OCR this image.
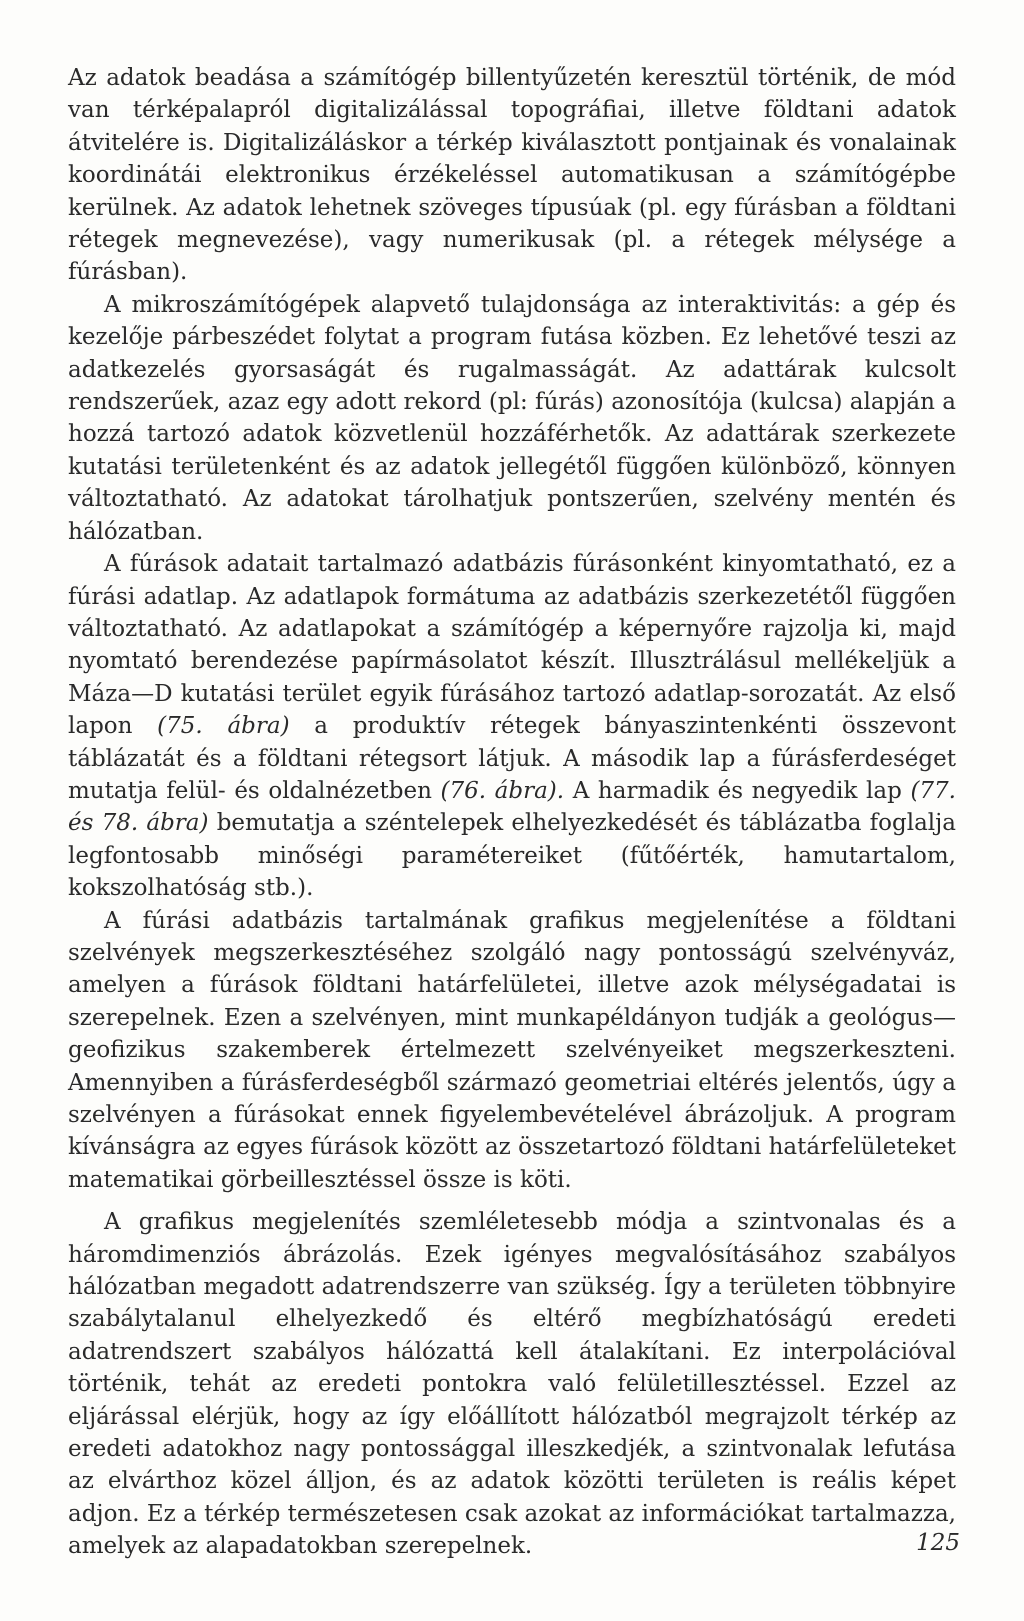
Az adatok beadása a számítógép billentyűzetén keresztül történik, de mód van térképalapról digitalizálással topográfiai, illetve földtani adatok átvitelére is. Digitalizáláskor a térkép kiválasztott pontjainak és vonalainak koordinátái elektronikus érzékeléssel automatikusan a számítógépbe kerülnek. Az adatok lehetnek szöveges típusúak (pl. egy fúrásban a földtani rétegek megnevezése), vagy numerikusak (pl. a rétegek mélysége a fúrásban).

A mikroszámítógépek alapvető tulajdonsága az interaktivitás: a gép és kezelője párbeszédet folytat a program futása közben. Ez lehetővé teszi az adatkezelés gyorsaságát és rugalmasságát. Az adattárak kulcsolt rendszerűek, azaz egy adott rekord (pl: fúrás) azonosítója (kulcsa) alapján a hozzá tartozó adatok közvetlenül hozzáférhetők. Az adattárak szerkezete kutatási területenként és az adatok jellegétől függően különböző, könnyen változtatható. Az adatokat tárolhatjuk pontszerűen, szelvény mentén és hálózatban.

A fúrások adatait tartalmazó adatbázis fúrásonként kinyomtatható, ez a fúrási adatlap. Az adatlapok formátuma az adatbázis szerkezetétől függően változtatható. Az adatlapokat a számítógép a képernyőre rajzolja ki, majd nyomtató berendezése papírmásolatot készít. Illusztrálásul mellékeljük a Máza—D kutatási terület egyik fúrásához tartozó adatlap-sorozatát. Az első lapon (75. ábra) a produktív rétegek bányaszintenkénti összevont táblázatát és a földtani rétegsort látjuk. A második lap a fúrásferdeséget mutatja felül- és oldalnézetben (76. ábra). A harmadik és negyedik lap (77. és 78. ábra) bemutatja a széntelepek elhelyezkedését és táblázatba foglalja legfontosabb minőségi paramétereiket (fűtőérték, hamutartalom, kokszolhatóság stb.).

A fúrási adatbázis tartalmának grafikus megjelenítése a földtani szelvények megszerkesztéséhez szolgáló nagy pontosságú szelvényváz, amelyen a fúrások földtani határfelületei, illetve azok mélységadatai is szerepelnek. Ezen a szelvényen, mint munkapéldányon tudják a geológus—geofizikus szakemberek értelmezett szelvényeiket megszerkeszteni. Amennyiben a fúrásferdeségből származó geometriai eltérés jelentős, úgy a szelvényen a fúrásokat ennek figyelembevételével ábrázoljuk. A program kívánságra az egyes fúrások között az összetartozó földtani határfelületeket matematikai görbeillesztéssel össze is köti.

A grafikus megjelenítés szemléletesebb módja a szintvonalas és a háromdimenziós ábrázolás. Ezek igényes megvalósításához szabályos hálózatban megadott adatrendszerre van szükség. Így a területen többnyire szabálytalanul elhelyezkedő és eltérő megbízhatóságú eredeti adatrendszert szabályos hálózattá kell átalakítani. Ez interpolációval történik, tehát az eredeti pontokra való felületillesztéssel. Ezzel az eljárással elérjük, hogy az így előállított hálózatból megrajzolt térkép az eredeti adatokhoz nagy pontossággal illeszkedjék, a szintvonalak lefutása az elvárthoz közel álljon, és az adatok közötti területen is reális képet adjon. Ez a térkép természetesen csak azokat az információkat tartalmazza, amelyek az alapadatokban szerepelnek.	125
